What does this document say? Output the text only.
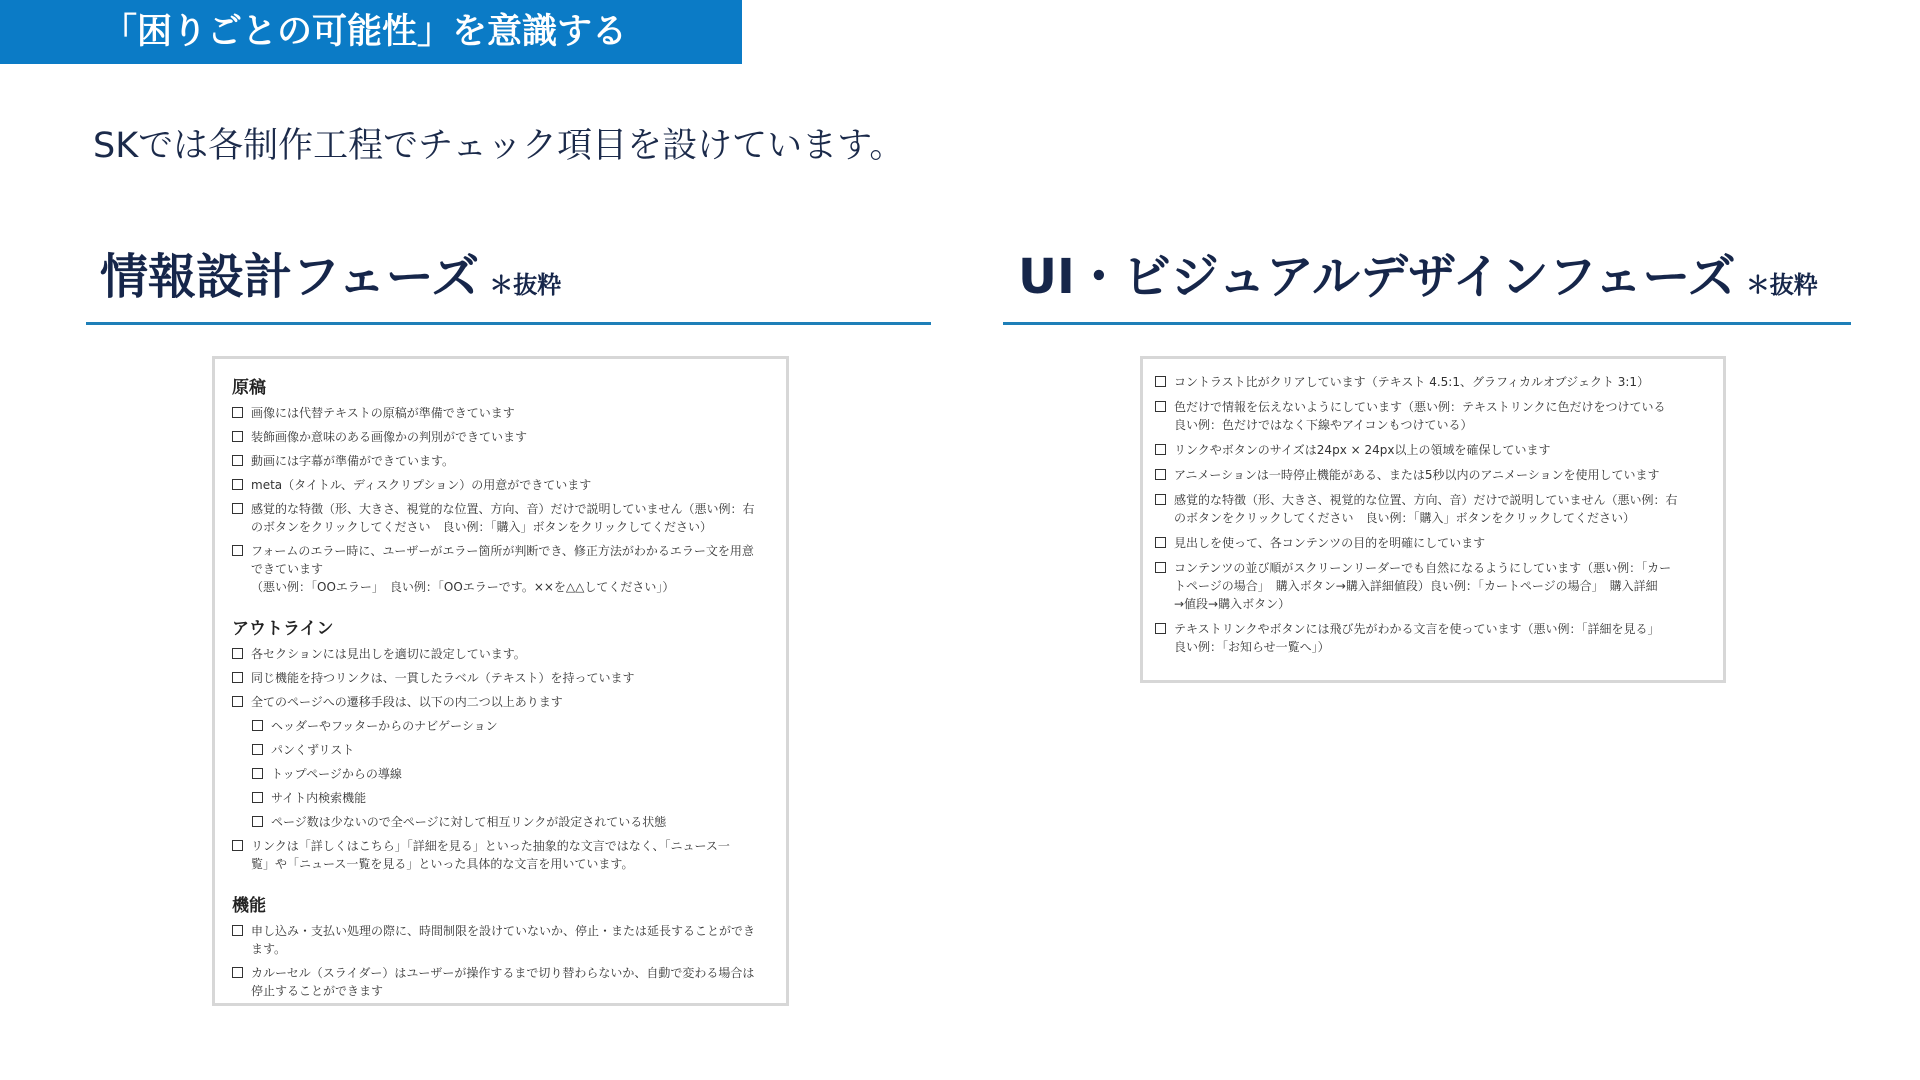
「困りごとの可能性」を意識する
SKでは各制作工程でチェック項目を設けています。
情報設計フェーズ ＊抜粋	UI・ビジュアルデザインフェーズ ＊抜粋
原稿
画像には代替テキストの原稿が準備できています
装飾画像か意味のある画像かの判別ができています
動画には字幕が準備ができています。
meta（タイトル、ディスクリプション）の用意ができています
感覚的な特徴（形、大きさ、視覚的な位置、方向、音）だけで説明していません（悪い例：右
のボタンをクリックしてください　良い例：「購入」ボタンをクリックしてください）
フォームのエラー時に、ユーザーがエラー箇所が判断でき、修正方法がわかるエラー文を用意
できています
（悪い例：「OOエラー」　良い例：「OOエラーです。××を△△してください」）
アウトライン
各セクションには見出しを適切に設定しています。
同じ機能を持つリンクは、一貫したラベル（テキスト）を持っています
全てのページへの遷移手段は、以下の内二つ以上あります
ヘッダーやフッターからのナビゲーション
パンくずリスト
トップページからの導線
サイト内検索機能
ページ数は少ないので全ページに対して相互リンクが設定されている状態
リンクは「詳しくはこちら」「詳細を見る」といった抽象的な文言ではなく、「ニュース一
覧」や「ニュース一覧を見る」といった具体的な文言を用いています。
機能
申し込み・支払い処理の際に、時間制限を設けていないか、停止・または延長することができ
ます。
カルーセル（スライダー）はユーザーが操作するまで切り替わらないか、自動で変わる場合は
停止することができます
コントラスト比がクリアしています（テキスト 4.5:1、グラフィカルオブジェクト 3:1）
色だけで情報を伝えないようにしています（悪い例：テキストリンクに色だけをつけている
良い例：色だけではなく下線やアイコンもつけている）
リンクやボタンのサイズは24px × 24px以上の領域を確保しています
アニメーションは一時停止機能がある、または5秒以内のアニメーションを使用しています
感覚的な特徴（形、大きさ、視覚的な位置、方向、音）だけで説明していません（悪い例：右
のボタンをクリックしてください　良い例：「購入」ボタンをクリックしてください）
見出しを使って、各コンテンツの目的を明確にしています
コンテンツの並び順がスクリーンリーダーでも自然になるようにしています（悪い例：「カー
トページの場合」　購入ボタン→購入詳細値段）良い例：「カートページの場合」　購入詳細
→値段→購入ボタン）
テキストリンクやボタンには飛び先がわかる文言を使っています（悪い例：「詳細を見る」
良い例：「お知らせ一覧へ」）
